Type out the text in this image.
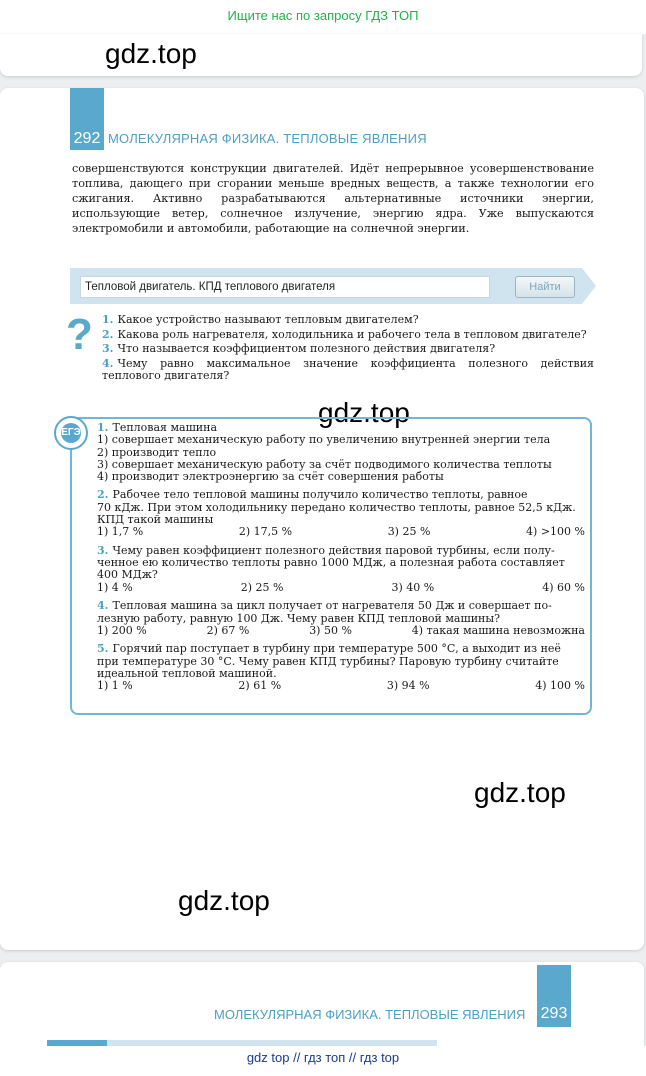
Ищите нас по запросу ГДЗ ТОП
gdz.top
292 МОЛЕКУЛЯРНАЯ ФИЗИКА. ТЕПЛОВЫЕ ЯВЛЕНИЯ

совершенствуются конструкции двигателей. Идёт непрерывное усовершенствование топлива, дающего при сгорании меньше вредных веществ, а также технологии его сжигания. Активно разрабатываются альтернативные источники энергии, использующие ветер, солнечное излучение, энергию ядра. Уже выпускаются электромобили и автомобили, работающие на солнечной энергии.

Тепловой двигатель. КПД теплового двигателя	Найти
? 1. Какое устройство называют тепловым двигателем?
2. Какова роль нагревателя, холодильника и рабочего тела в тепловом двигателе?
3. Что называется коэффициентом полезного действия двигателя?
4. Чему равно максимальное значение коэффициента полезного действия теплового двигателя?
gdz.top
ЕГЭ 1. Тепловая машина
1) совершает механическую работу по увеличению внутренней энергии тела
2) производит тепло
3) совершает механическую работу за счёт подводимого количества теплоты
4) производит электроэнергию за счёт совершения работы
2. Рабочее тело тепловой машины получило количество теплоты, равное
70 кДж. При этом холодильнику передано количество теплоты, равное 52,5 кДж.
КПД такой машины
1) 1,7 %	2) 17,5 %	3) 25 %	4) >100 %
3. Чему равен коэффициент полезного действия паровой турбины, если полу-
ченное ею количество теплоты равно 1000 МДж, а полезная работа составляет
400 МДж?
1) 4 %	2) 25 %	3) 40 %	4) 60 %
4. Тепловая машина за цикл получает от нагревателя 50 Дж и совершает по-
лезную работу, равную 100 Дж. Чему равен КПД тепловой машины?
1) 200 %	2) 67 %	3) 50 %	4) такая машина невозможна
5. Горячий пар поступает в турбину при температуре 500 °С, а выходит из неё
при температуре 30 °С. Чему равен КПД турбины? Паровую турбину считайте
идеальной тепловой машиной.
1) 1 %	2) 61 %	3) 94 %	4) 100 %
gdz.top
gdz.top
МОЛЕКУЛЯРНАЯ ФИЗИКА. ТЕПЛОВЫЕ ЯВЛЕНИЯ 293
gdz top // гдз топ // гдз top
